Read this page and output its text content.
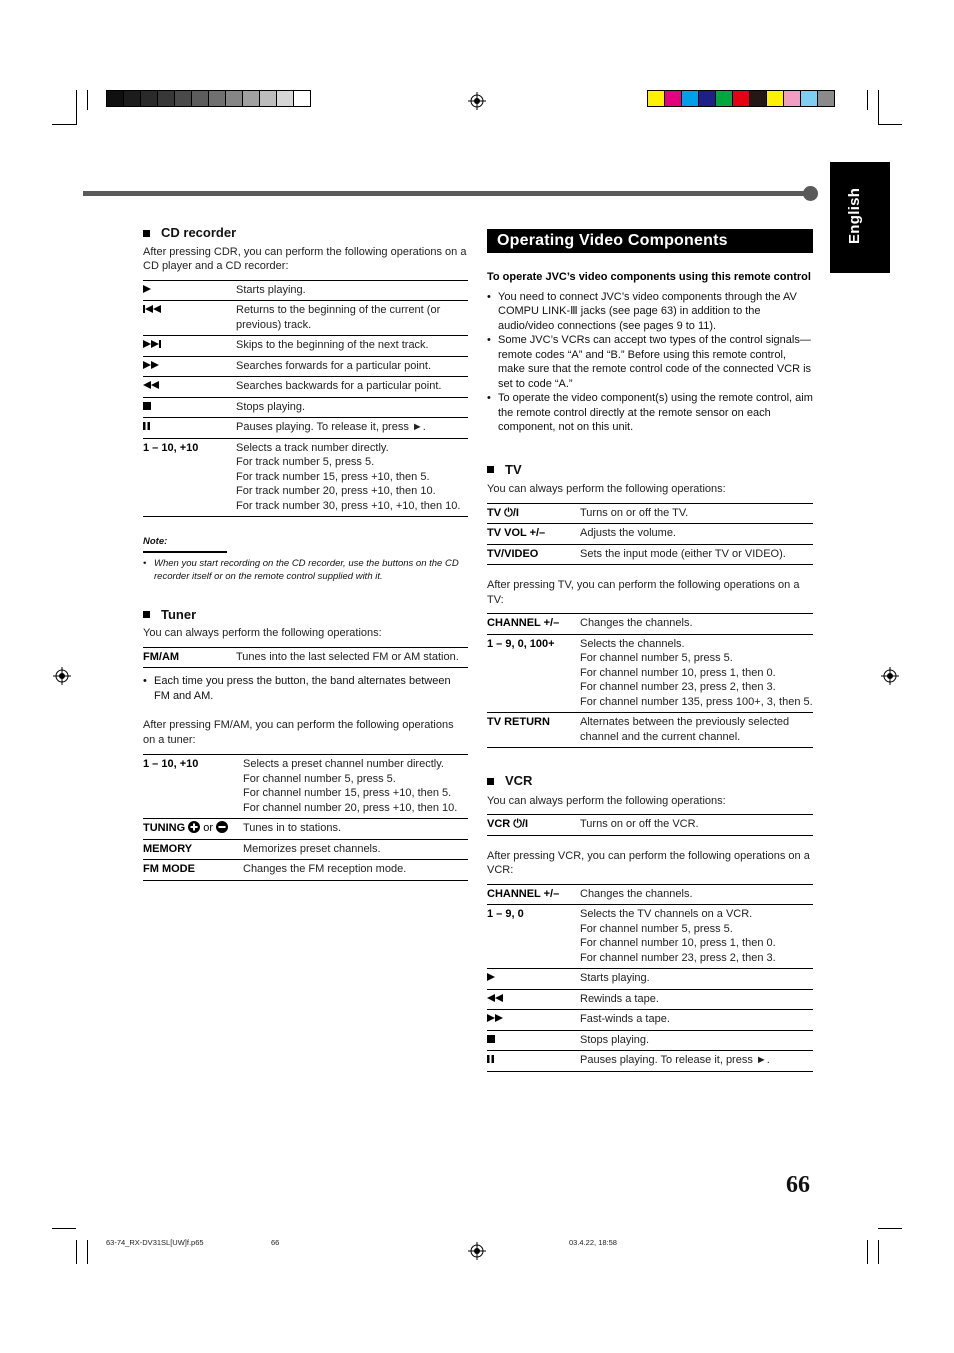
English
CD recorder
After pressing CDR, you can perform the following operations on a CD player and a CD recorder:
	Starts playing.
	Returns to the beginning of the current (or previous) track.
	Skips to the beginning of the next track.
	Searches forwards for a particular point.
	Searches backwards for a particular point.
	Stops playing.
	Pauses playing. To release it, press ►.
1 – 10, +10	Selects a track number directly.
For track number 5, press 5.
For track number 15, press +10, then 5.
For track number 20, press +10, then 10.
For track number 30, press +10, +10, then 10.
Note:
• When you start recording on the CD recorder, use the buttons on the CD recorder itself or on the remote control supplied with it.
Tuner
You can always perform the following operations:
FM/AM	Tunes into the last selected FM or AM station.
• Each time you press the button, the band alternates between FM and AM.
After pressing FM/AM, you can perform the following operations on a tuner:
1 – 10, +10	Selects a preset channel number directly.
For channel number 5, press 5.
For channel number 15, press +10, then 5.
For channel number 20, press +10, then 10.
TUNING or	Tunes in to stations.
MEMORY	Memorizes preset channels.
FM MODE	Changes the FM reception mode.
Operating Video Components
To operate JVC’s video components using this remote control
• You need to connect JVC’s video components through the AV COMPU LINK-Ⅲ jacks (see page 63) in addition to the audio/video connections (see pages 9 to 11).
• Some JVC’s VCRs can accept two types of the control signals—remote codes “A” and “B.” Before using this remote control, make sure that the remote control code of the connected VCR is set to code “A.”
• To operate the video component(s) using the remote control, aim the remote control directly at the remote sensor on each component, not on this unit.
TV
You can always perform the following operations:
TV ⏻/I	Turns on or off the TV.
TV VOL +/–	Adjusts the volume.
TV/VIDEO	Sets the input mode (either TV or VIDEO).
After pressing TV, you can perform the following operations on a TV:
CHANNEL +/–	Changes the channels.
1 – 9, 0, 100+	Selects the channels.
For channel number 5, press 5.
For channel number 10, press 1, then 0.
For channel number 23, press 2, then 3.
For channel number 135, press 100+, 3, then 5.
TV RETURN	Alternates between the previously selected channel and the current channel.
VCR
You can always perform the following operations:
VCR ⏻/I	Turns on or off the VCR.
After pressing VCR, you can perform the following operations on a VCR:
CHANNEL +/–	Changes the channels.
1 – 9, 0	Selects the TV channels on a VCR.
For channel number 5, press 5.
For channel number 10, press 1, then 0.
For channel number 23, press 2, then 3.
	Starts playing.
	Rewinds a tape.
	Fast-winds a tape.
	Stops playing.
	Pauses playing. To release it, press ►.
66
63-74_RX-DV31SL[UW]f.p65	66	03.4.22, 18:58
